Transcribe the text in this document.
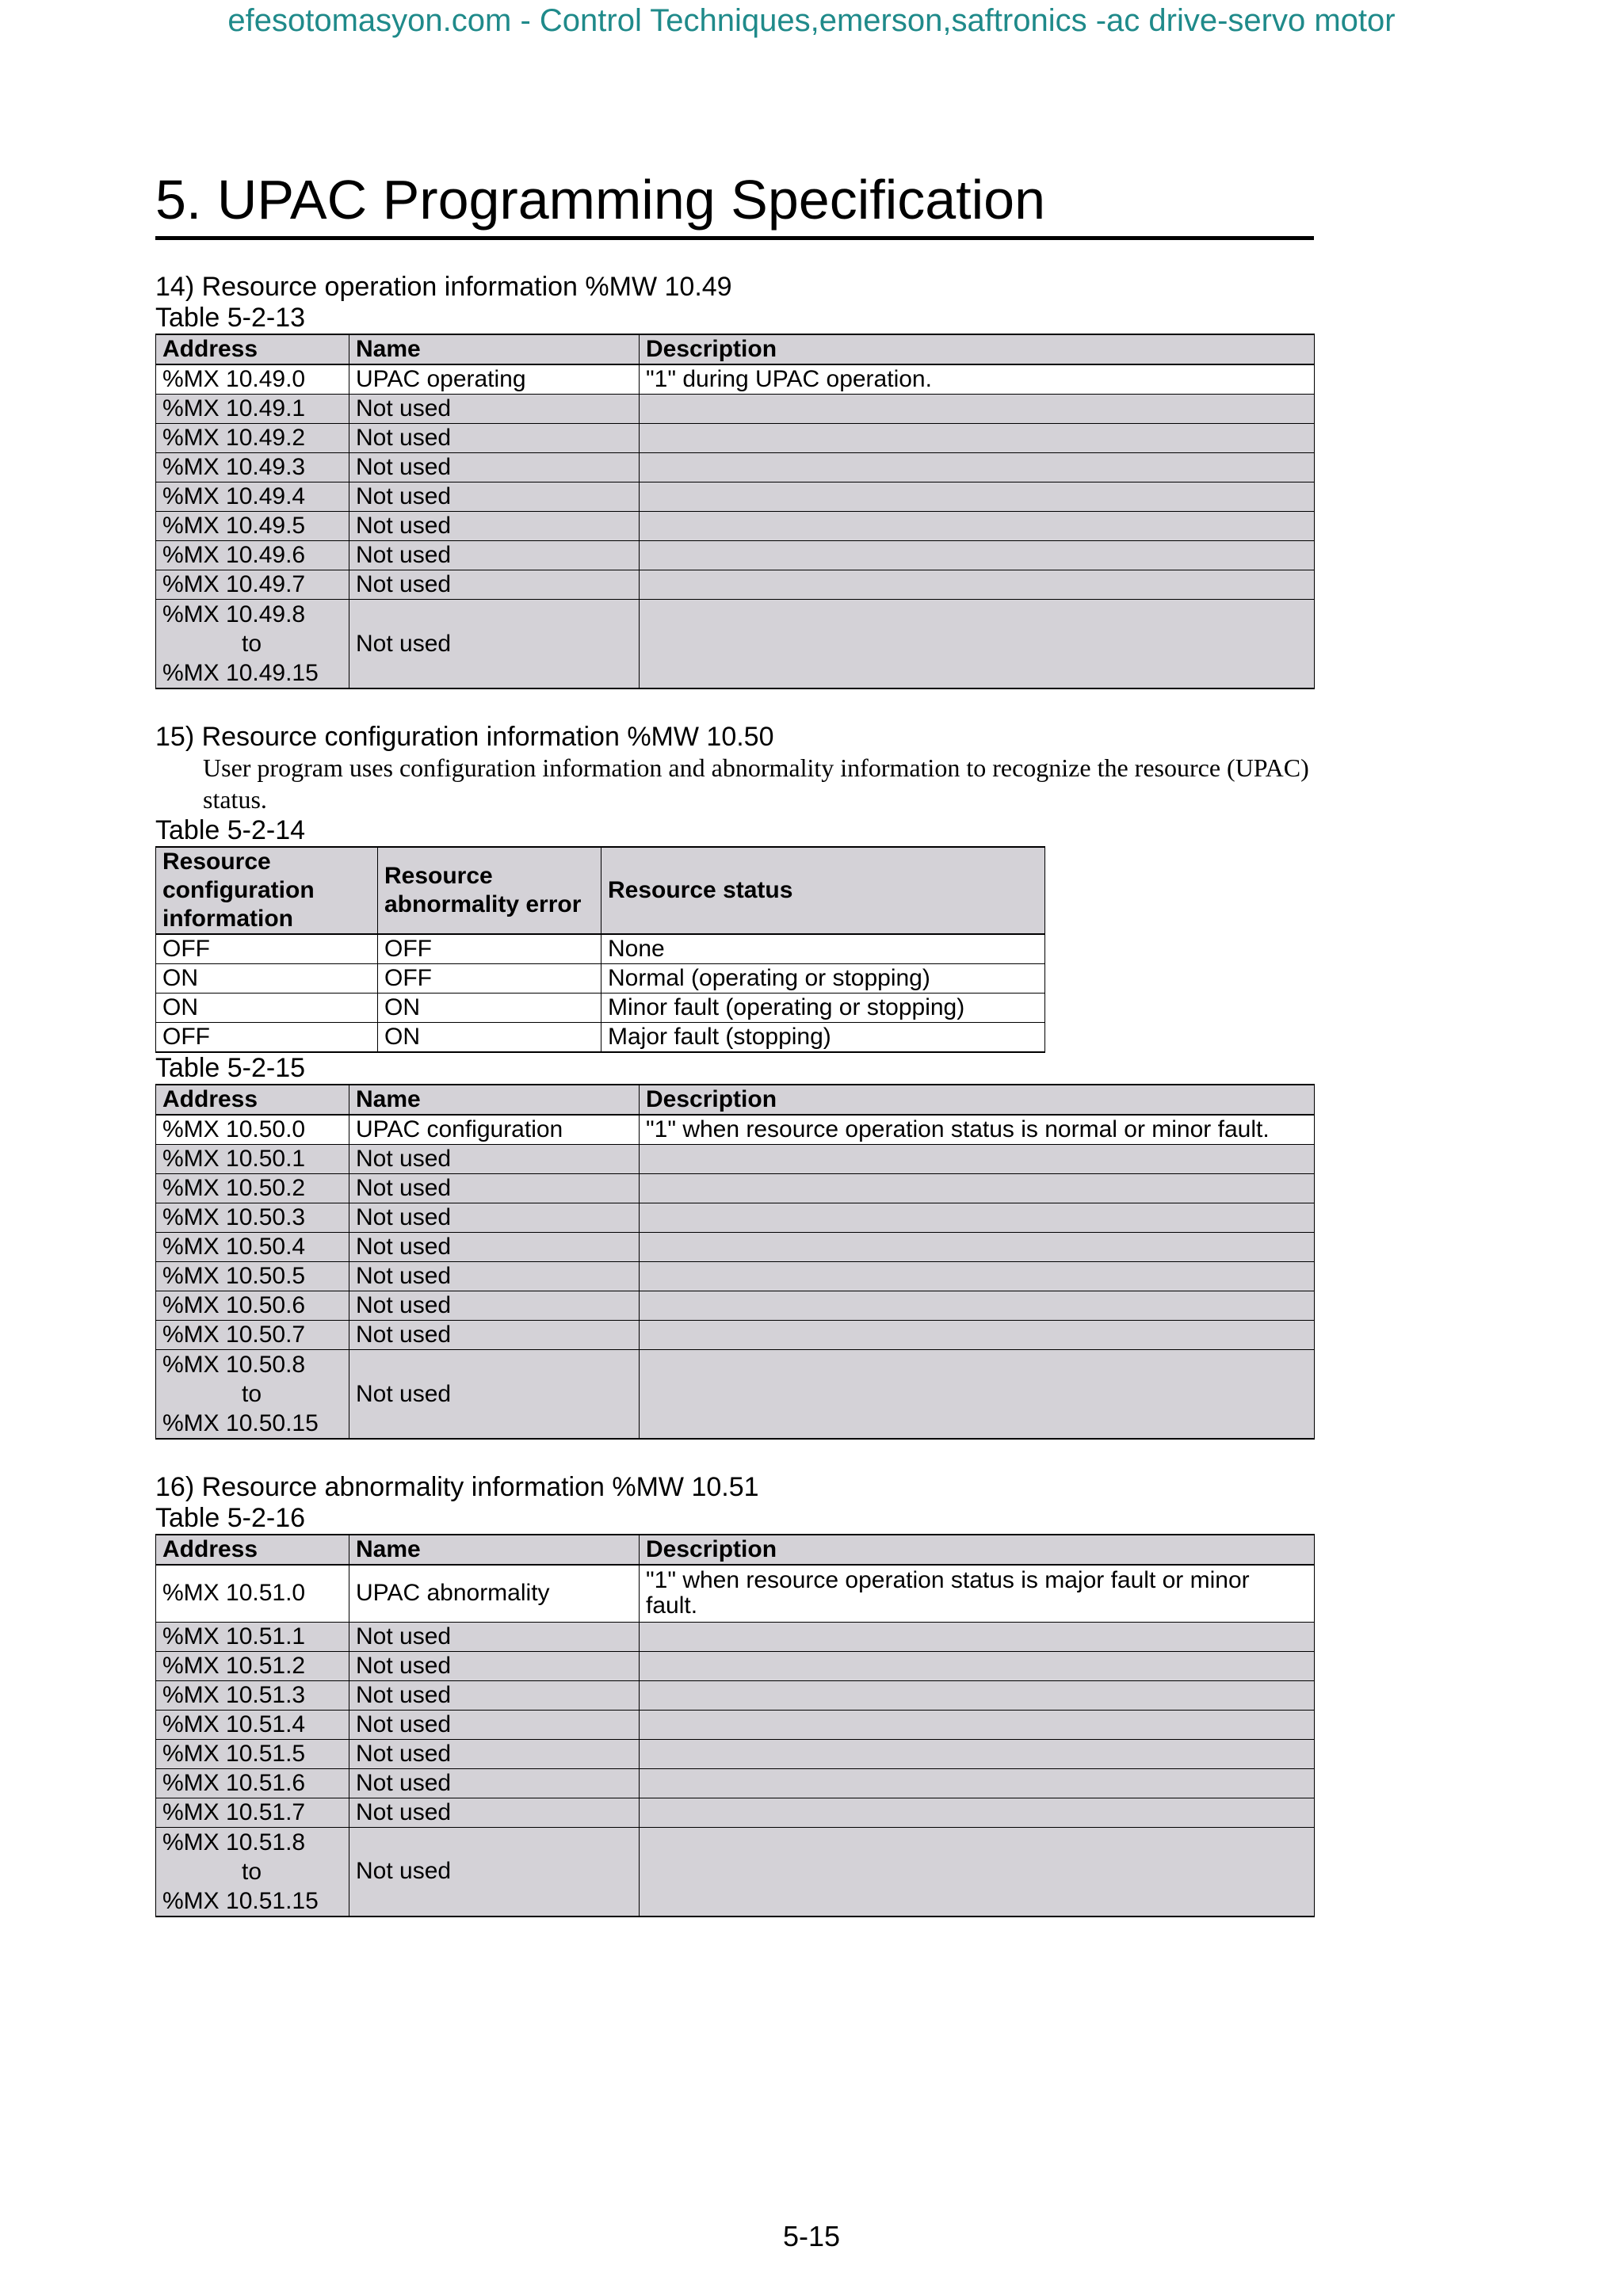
efesotomasyon.com - Control Techniques,emerson,saftronics -ac drive-servo motor
5. UPAC Programming Specification
14) Resource operation information %MW 10.49
Table 5-2-13
Address	Name	Description
%MX 10.49.0	UPAC operating	"1" during UPAC operation.
%MX 10.49.1	Not used	
%MX 10.49.2	Not used	
%MX 10.49.3	Not used	
%MX 10.49.4	Not used	
%MX 10.49.5	Not used	
%MX 10.49.6	Not used	
%MX 10.49.7	Not used	
%MX 10.49.8
to
%MX 10.49.15	Not used	
15) Resource configuration information %MW 10.50
User program uses configuration information and abnormality information to recognize the resource (UPAC) status.
Table 5-2-14
Resource configuration information	Resource abnormality error	Resource status
OFF	OFF	None
ON	OFF	Normal (operating or stopping)
ON	ON	Minor fault (operating or stopping)
OFF	ON	Major fault (stopping)
Table 5-2-15
Address	Name	Description
%MX 10.50.0	UPAC configuration	"1" when resource operation status is normal or minor fault.
%MX 10.50.1	Not used	
%MX 10.50.2	Not used	
%MX 10.50.3	Not used	
%MX 10.50.4	Not used	
%MX 10.50.5	Not used	
%MX 10.50.6	Not used	
%MX 10.50.7	Not used	
%MX 10.50.8
to
%MX 10.50.15	Not used	
16) Resource abnormality information %MW 10.51
Table 5-2-16
Address	Name	Description
%MX 10.51.0	UPAC abnormality	"1" when resource operation status is major fault or minor fault.
%MX 10.51.1	Not used	
%MX 10.51.2	Not used	
%MX 10.51.3	Not used	
%MX 10.51.4	Not used	
%MX 10.51.5	Not used	
%MX 10.51.6	Not used	
%MX 10.51.7	Not used	
%MX 10.51.8
to
%MX 10.51.15	Not used	
5-15
